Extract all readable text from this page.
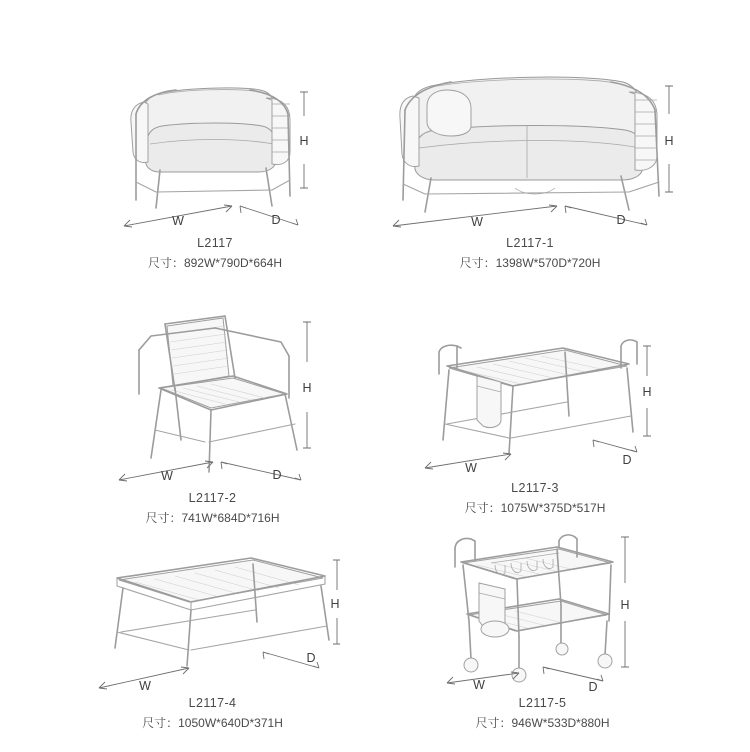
H
W	D
L2117
尺寸：892W*790D*664H
H
W	D
L2117-1
尺寸：1398W*570D*720H
H
W	D
L2117-2
尺寸：741W*684D*716H
H
W
D
L2117-3
尺寸：1075W*375D*517H
H
W
D
L2117-4
尺寸：1050W*640D*371H
H
W	D
L2117-5
尺寸：946W*533D*880H
